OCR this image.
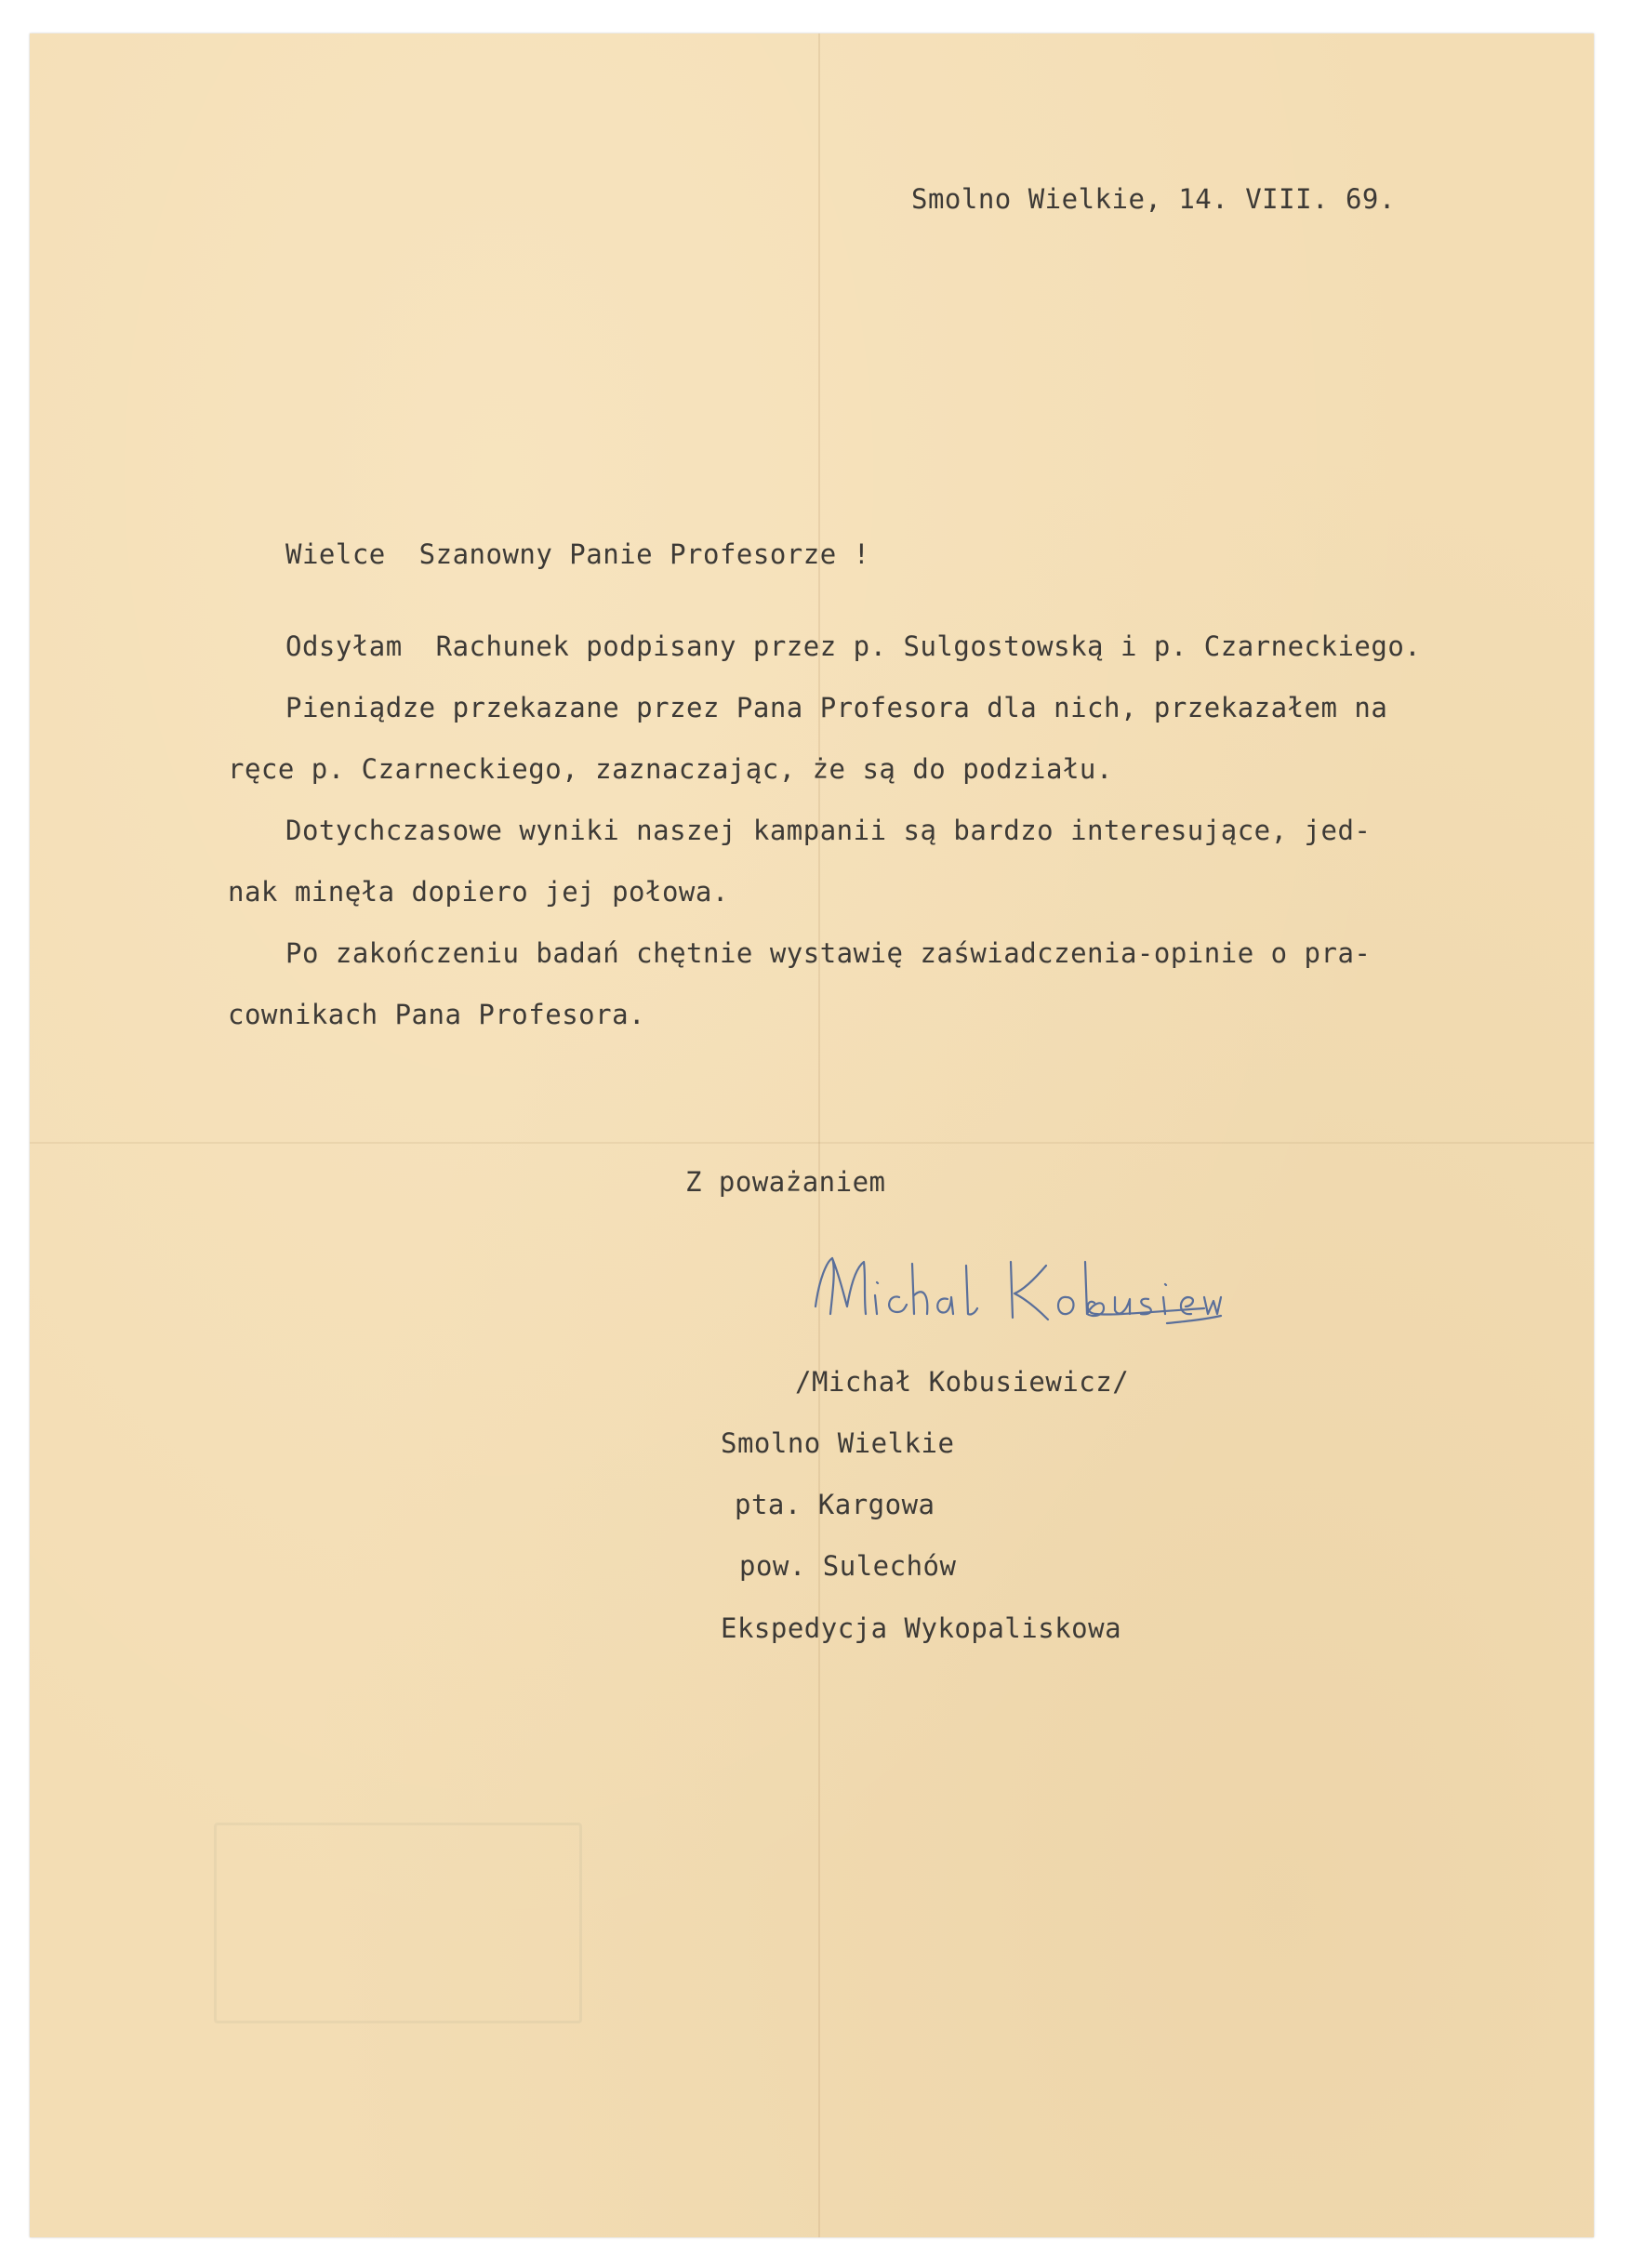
Smolno Wielkie, 14. VIII. 69.
Wielce  Szanowny Panie Profesorze !
Odsyłam  Rachunek podpisany przez p. Sulgostowską i p. Czarneckiego.
Pieniądze przekazane przez Pana Profesora dla nich, przekazałem na
ręce p. Czarneckiego, zaznaczając, że są do podziału.
Dotychczasowe wyniki naszej kampanii są bardzo interesujące, jed-
nak minęła dopiero jej połowa.
Po zakończeniu badań chętnie wystawię zaświadczenia-opinie o pra-
cownikach Pana Profesora.
Z poważaniem
Michał Kobusiewicz
/Michał Kobusiewicz/
Smolno Wielkie
pta. Kargowa
pow. Sulechów
Ekspedycja Wykopaliskowa
